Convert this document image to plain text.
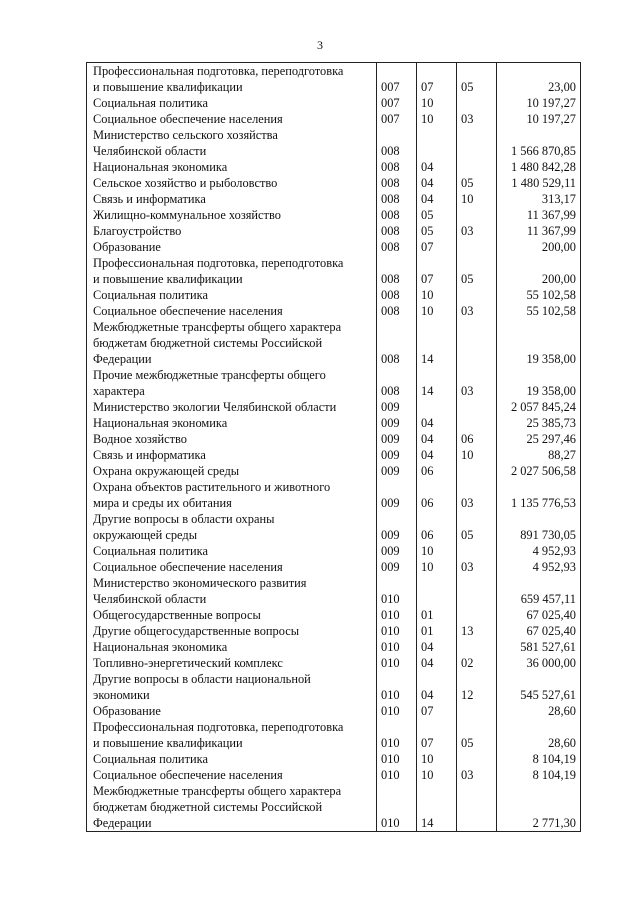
3
Профессиональная подготовка, переподготовка
и повышение квалификации	007	07	05	23,00
Социальная политика	007	10		10 197,27
Социальное обеспечение населения	007	10	03	10 197,27
Министерство сельского хозяйства
Челябинской области	008			1 566 870,85
Национальная экономика	008	04		1 480 842,28
Сельское хозяйство и рыболовство	008	04	05	1 480 529,11
Связь и информатика	008	04	10	313,17
Жилищно-коммунальное хозяйство	008	05		11 367,99
Благоустройство	008	05	03	11 367,99
Образование	008	07		200,00
Профессиональная подготовка, переподготовка
и повышение квалификации	008	07	05	200,00
Социальная политика	008	10		55 102,58
Социальное обеспечение населения	008	10	03	55 102,58
Межбюджетные трансферты общего характера
бюджетам бюджетной системы Российской
Федерации	008	14		19 358,00
Прочие межбюджетные трансферты общего
характера	008	14	03	19 358,00
Министерство экологии Челябинской области	009			2 057 845,24
Национальная экономика	009	04		25 385,73
Водное хозяйство	009	04	06	25 297,46
Связь и информатика	009	04	10	88,27
Охрана окружающей среды	009	06		2 027 506,58
Охрана объектов растительного и животного
мира и среды их обитания	009	06	03	1 135 776,53
Другие вопросы в области охраны
окружающей среды	009	06	05	891 730,05
Социальная политика	009	10		4 952,93
Социальное обеспечение населения	009	10	03	4 952,93
Министерство экономического развития
Челябинской области	010			659 457,11
Общегосударственные вопросы	010	01		67 025,40
Другие общегосударственные вопросы	010	01	13	67 025,40
Национальная экономика	010	04		581 527,61
Топливно-энергетический комплекс	010	04	02	36 000,00
Другие вопросы в области национальной
экономики	010	04	12	545 527,61
Образование	010	07		28,60
Профессиональная подготовка, переподготовка
и повышение квалификации	010	07	05	28,60
Социальная политика	010	10		8 104,19
Социальное обеспечение населения	010	10	03	8 104,19
Межбюджетные трансферты общего характера
бюджетам бюджетной системы Российской
Федерации	010	14		2 771,30
